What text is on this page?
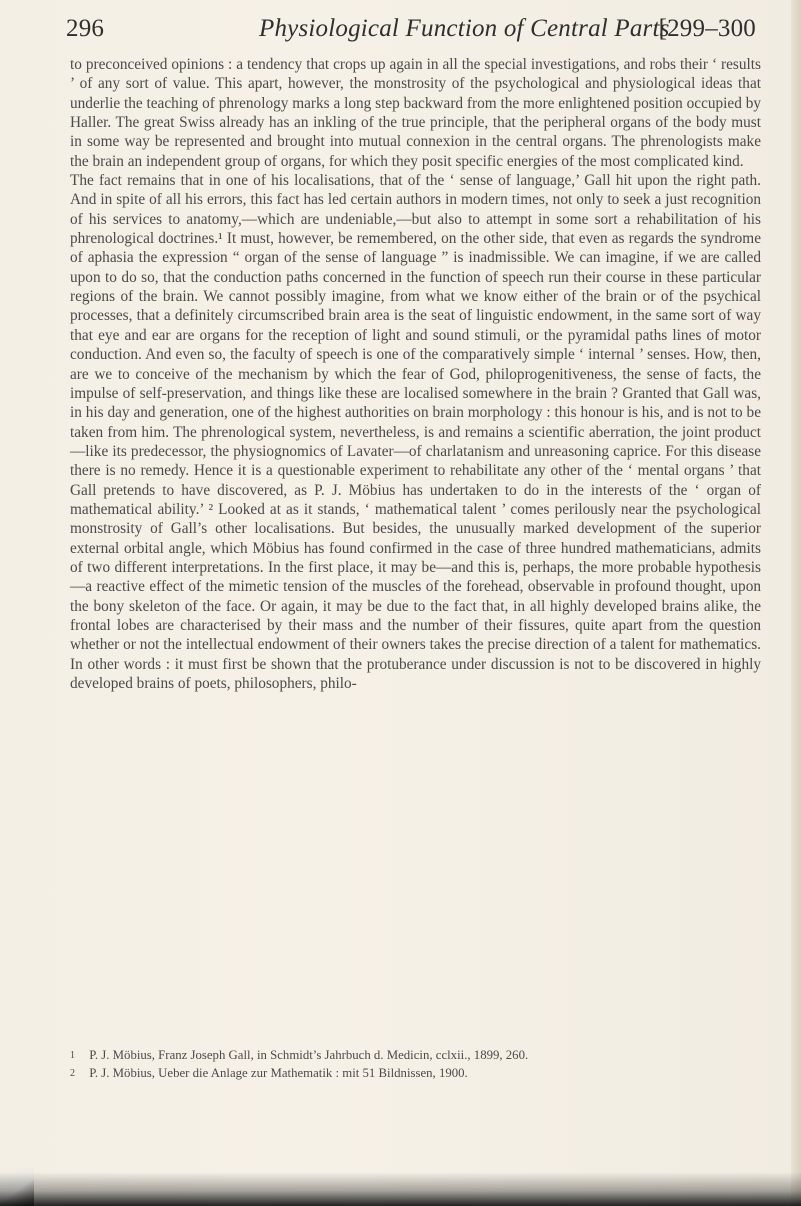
296	Physiological Function of Central Parts
[299–300

to preconceived opinions : a tendency that crops up again in all the special investigations, and robs their ‘ results ’ of any sort of value. This apart, however, the monstrosity of the psychological and physiological ideas that underlie the teaching of phrenology marks a long step backward from the more enlightened position occupied by Haller. The great Swiss already has an inkling of the true principle, that the peripheral organs of the body must in some way be represented and brought into mutual connexion in the central organs. The phrenologists make the brain an independent group of organs, for which they posit specific energies of the most complicated kind.

The fact remains that in one of his localisations, that of the ‘ sense of language,’ Gall hit upon the right path. And in spite of all his errors, this fact has led certain authors in modern times, not only to seek a just recognition of his services to anatomy,—which are undeniable,—but also to attempt in some sort a rehabilitation of his phrenological doctrines.¹ It must, however, be remembered, on the other side, that even as regards the syndrome of aphasia the expression “ organ of the sense of language ” is inadmissible. We can imagine, if we are called upon to do so, that the conduction paths concerned in the function of speech run their course in these particular regions of the brain. We cannot possibly imagine, from what we know either of the brain or of the psychical processes, that a definitely circumscribed brain area is the seat of linguistic endowment, in the same sort of way that eye and ear are organs for the reception of light and sound stimuli, or the pyramidal paths lines of motor conduction. And even so, the faculty of speech is one of the comparatively simple ‘ internal ’ senses. How, then, are we to conceive of the mechanism by which the fear of God, philoprogenitiveness, the sense of facts, the impulse of self-preservation, and things like these are localised somewhere in the brain ? Granted that Gall was, in his day and generation, one of the highest authorities on brain morphology : this honour is his, and is not to be taken from him. The phrenological system, nevertheless, is and remains a scientific aberration, the joint product—like its predecessor, the physiognomics of Lavater—of charlatanism and unreasoning caprice. For this disease there is no remedy. Hence it is a questionable experiment to rehabilitate any other of the ‘ mental organs ’ that Gall pretends to have discovered, as P. J. Möbius has undertaken to do in the interests of the ‘ organ of mathematical ability.’ ² Looked at as it stands, ‘ mathematical talent ’ comes perilously near the psychological monstrosity of Gall’s other localisations. But besides, the unusually marked development of the superior external orbital angle, which Möbius has found confirmed in the case of three hundred mathematicians, admits of two different interpretations. In the first place, it may be—and this is, perhaps, the more probable hypothesis—a reactive effect of the mimetic tension of the muscles of the forehead, observable in profound thought, upon the bony skeleton of the face. Or again, it may be due to the fact that, in all highly developed brains alike, the frontal lobes are characterised by their mass and the number of their fissures, quite apart from the question whether or not the intellectual endowment of their owners takes the precise direction of a talent for mathematics. In other words : it must first be shown that the protuberance under discussion is not to be discovered in highly developed brains of poets, philosophers, philo-

1 P. J. Möbius, Franz Joseph Gall, in Schmidt’s Jahrbuch d. Medicin, cclxii., 1899, 260.
2 P. J. Möbius, Ueber die Anlage zur Mathematik : mit 51 Bildnissen, 1900.
